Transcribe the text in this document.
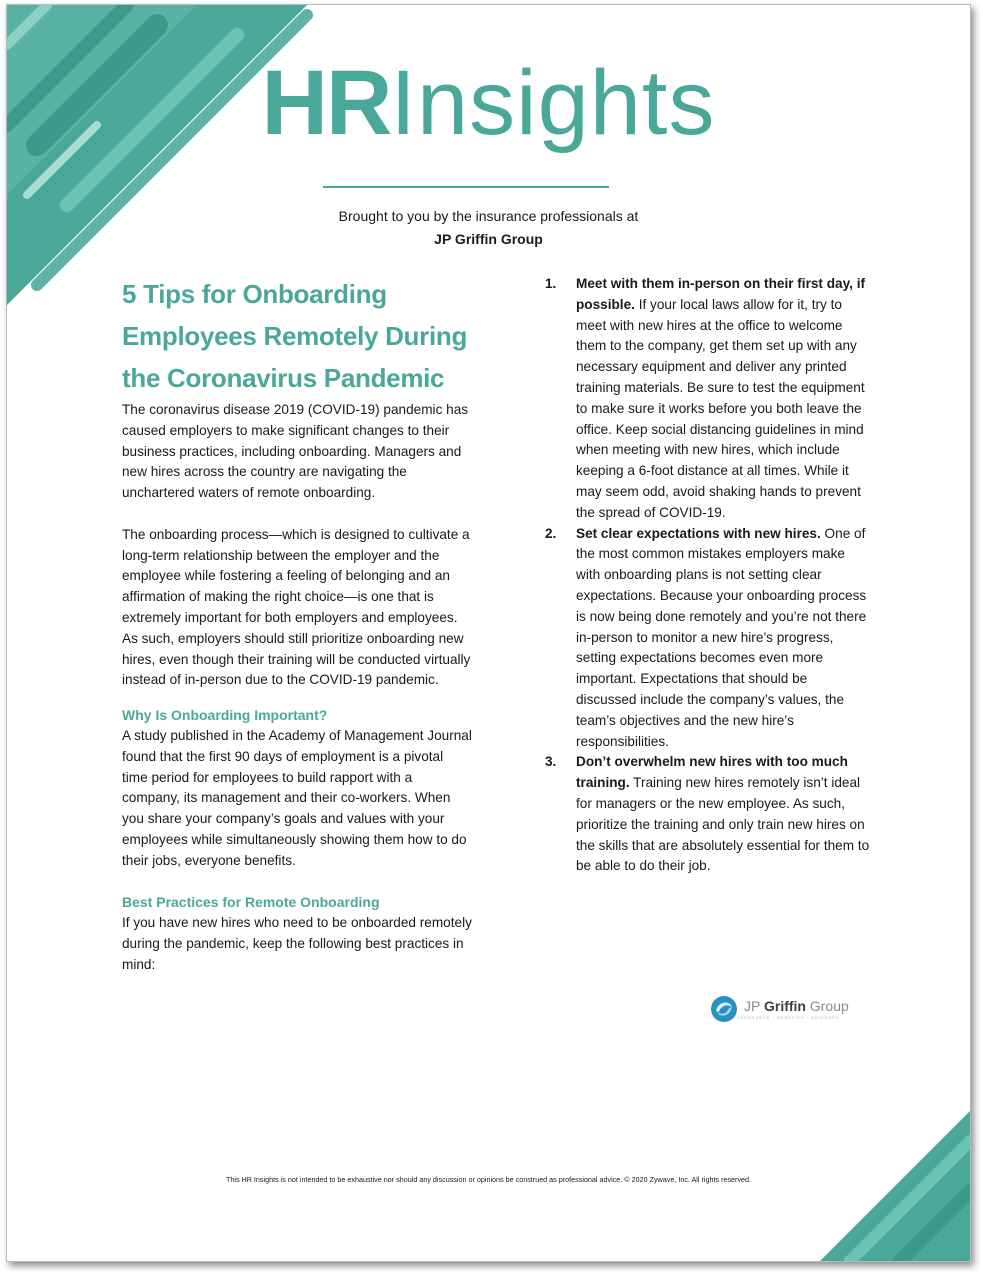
HRInsights
Brought to you by the insurance professionals at
JP Griffin Group
5 Tips for Onboarding Employees Remotely During the Coronavirus Pandemic

The coronavirus disease 2019 (COVID-19) pandemic has caused employers to make significant changes to their business practices, including onboarding. Managers and new hires across the country are navigating the unchartered waters of remote onboarding.

The onboarding process—which is designed to cultivate a long-term relationship between the employer and the employee while fostering a feeling of belonging and an affirmation of making the right choice—is one that is extremely important for both employers and employees. As such, employers should still prioritize onboarding new hires, even though their training will be conducted virtually instead of in-person due to the COVID-19 pandemic.

Why Is Onboarding Important?

A study published in the Academy of Management Journal found that the first 90 days of employment is a pivotal time period for employees to build rapport with a company, its management and their co-workers. When you share your company’s goals and values with your employees while simultaneously showing them how to do their jobs, everyone benefits.

Best Practices for Remote Onboarding

If you have new hires who need to be onboarded remotely during the pandemic, keep the following best practices in mind:

1. Meet with them in-person on their first day, if possible. If your local laws allow for it, try to meet with new hires at the office to welcome them to the company, get them set up with any necessary equipment and deliver any printed training materials. Be sure to test the equipment to make sure it works before you both leave the office. Keep social distancing guidelines in mind when meeting with new hires, which include keeping a 6-foot distance at all times. While it may seem odd, avoid shaking hands to prevent the spread of COVID-19.
2. Set clear expectations with new hires. One of the most common mistakes employers make with onboarding plans is not setting clear expectations. Because your onboarding process is now being done remotely and you’re not there in-person to monitor a new hire’s progress, setting expectations becomes even more important. Expectations that should be discussed include the company’s values, the team’s objectives and the new hire’s responsibilities.
3. Don’t overwhelm new hires with too much training. Training new hires remotely isn’t ideal for managers or the new employee. As such, prioritize the training and only train new hires on the skills that are absolutely essential for them to be able to do their job.
JP Griffin Group
INSURANCE · BENEFITS · ADVISORY
This HR Insights is not intended to be exhaustive nor should any discussion or opinions be construed as professional advice. © 2020 Zywave, Inc. All rights reserved.
